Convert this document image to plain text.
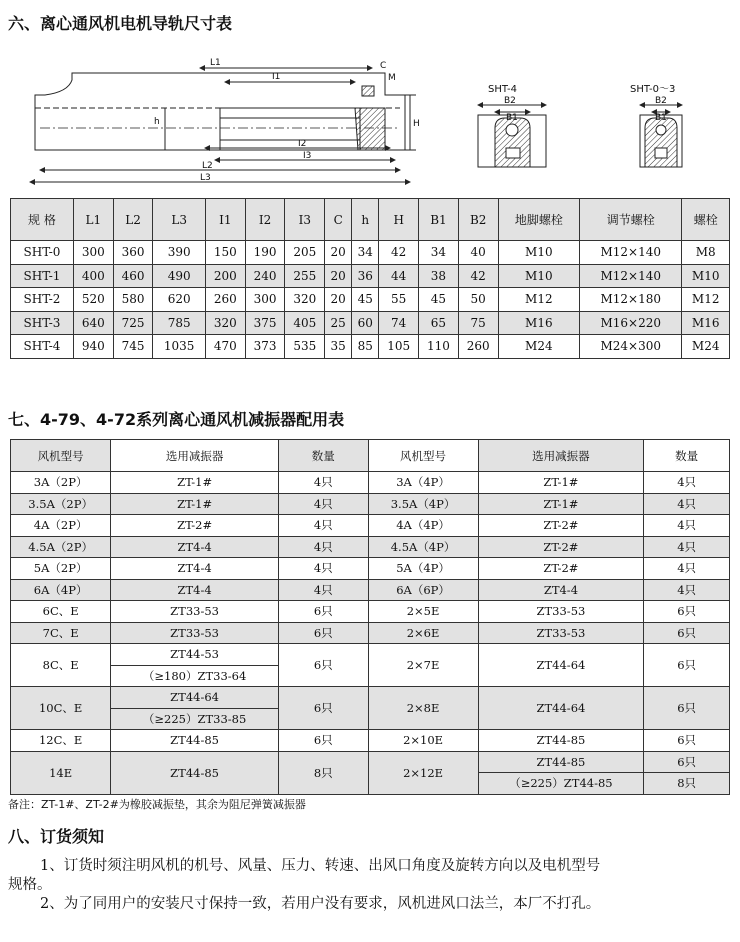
六、离心通风机电机导轨尺寸表
L1
I1
C
M
h	H
I2
I3
L2
L3
SHT-4
B2
B1
SHT-0～3
B2
B1
规 格	L1	L2	L3	I1	I2	I3	C	h	H	B1	B2	地脚螺栓	调节螺栓	螺栓
SHT-0	300	360	390	150	190	205	20	34	42	34	40	M10	M12×140	M8
SHT-1	400	460	490	200	240	255	20	36	44	38	42	M10	M12×140	M10
SHT-2	520	580	620	260	300	320	20	45	55	45	50	M12	M12×180	M12
SHT-3	640	725	785	320	375	405	25	60	74	65	75	M16	M16×220	M16
SHT-4	940	745	1035	470	373	535	35	85	105	110	260	M24	M24×300	M24
七、4-79、4-72系列离心通风机减振器配用表
风机型号	选用减振器	数量	风机型号	选用减振器	数量
3A（2P）	ZT-1#	4只	3A（4P）	ZT-1#	4只
3.5A（2P）	ZT-1#	4只	3.5A（4P）	ZT-1#	4只
4A（2P）	ZT-2#	4只	4A（4P）	ZT-2#	4只
4.5A（2P）	ZT4-4	4只	4.5A（4P）	ZT-2#	4只
5A（2P）	ZT4-4	4只	5A（4P）	ZT-2#	4只
6A（4P）	ZT4-4	4只	6A（6P）	ZT4-4	4只
6C、E	ZT33-53	6只	2×5E	ZT33-53	6只
7C、E	ZT33-53	6只	2×6E	ZT33-53	6只
8C、E	ZT44-53	6只	2×7E	ZT44-64	6只
	（≥180）ZT33-64				
10C、E	ZT44-64	6只	2×8E	ZT44-64	6只
	（≥225）ZT33-85				
12C、E	ZT44-85	6只	2×10E	ZT44-85	6只
14E	ZT44-85	8只	2×12E	ZT44-85	6只
				（≥225）ZT44-85	8只
备注：ZT-1#、ZT-2#为橡胶减振垫，其余为阻尼弹簧减振器
八、订货须知
1、订货时须注明风机的机号、风量、压力、转速、出风口角度及旋转方向以及电机型号
规格。
2、为了同用户的安装尺寸保持一致，若用户没有要求，风机进风口法兰，本厂不打孔。
